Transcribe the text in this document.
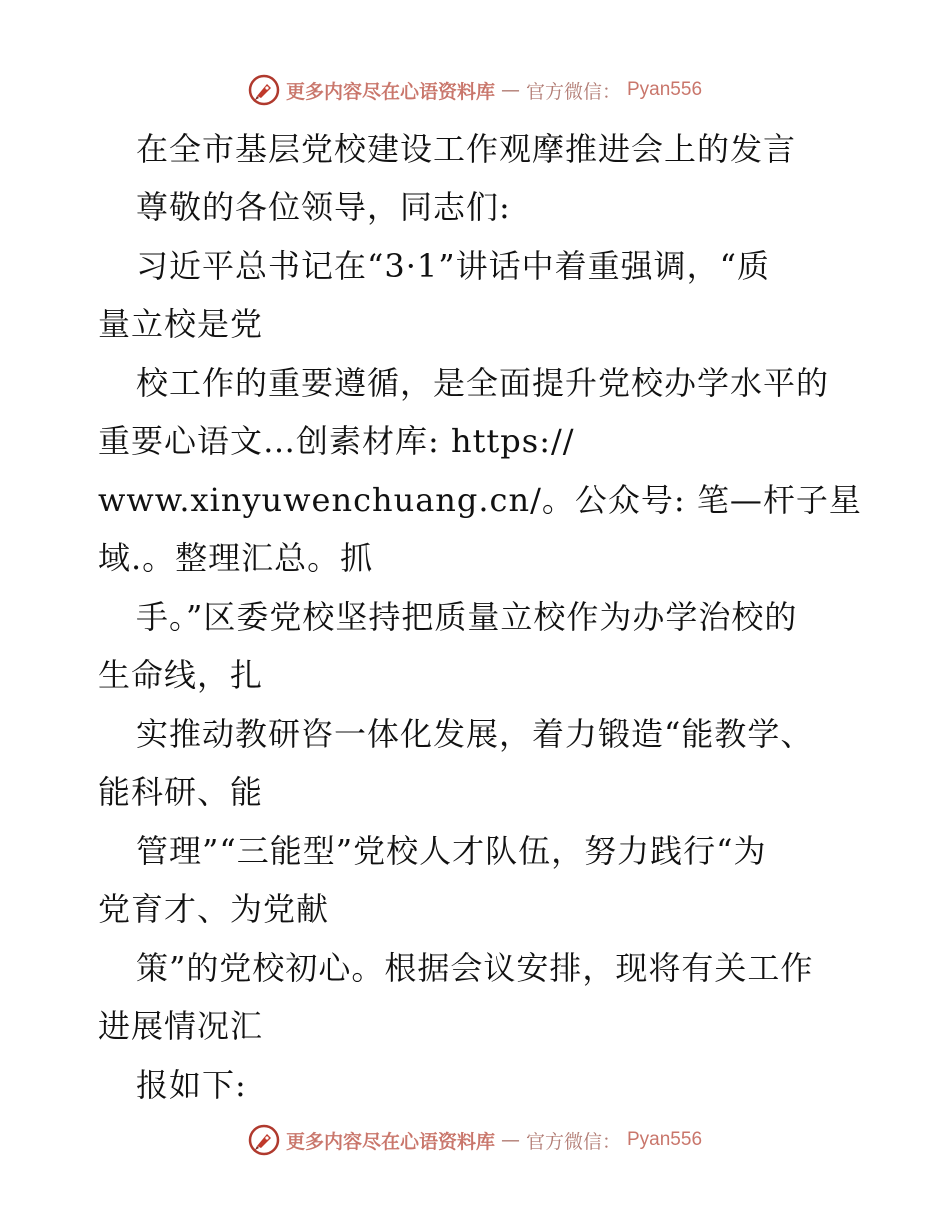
更多内容尽在心语资料库 — 官方微信： Pyan556
在全市基层党校建设工作观摩推进会上的发言
尊敬的各位领导，同志们:
习近平总书记在“3·1”讲话中着重强调，“质
量立校是党
校工作的重要遵循，是全面提升党校办学水平的
重要心语文…创素材库: https://
www.xinyuwenchuang.cn/。公众号: 笔—杆子星
域.。整理汇总。抓
手。”区委党校坚持把质量立校作为办学治校的
生命线，扎
实推动教研咨一体化发展，着力锻造“能教学、
能科研、能
管理”“三能型”党校人才队伍，努力践行“为
党育才、为党献
策”的党校初心。根据会议安排，现将有关工作
进展情况汇
报如下:
更多内容尽在心语资料库 — 官方微信： Pyan556
